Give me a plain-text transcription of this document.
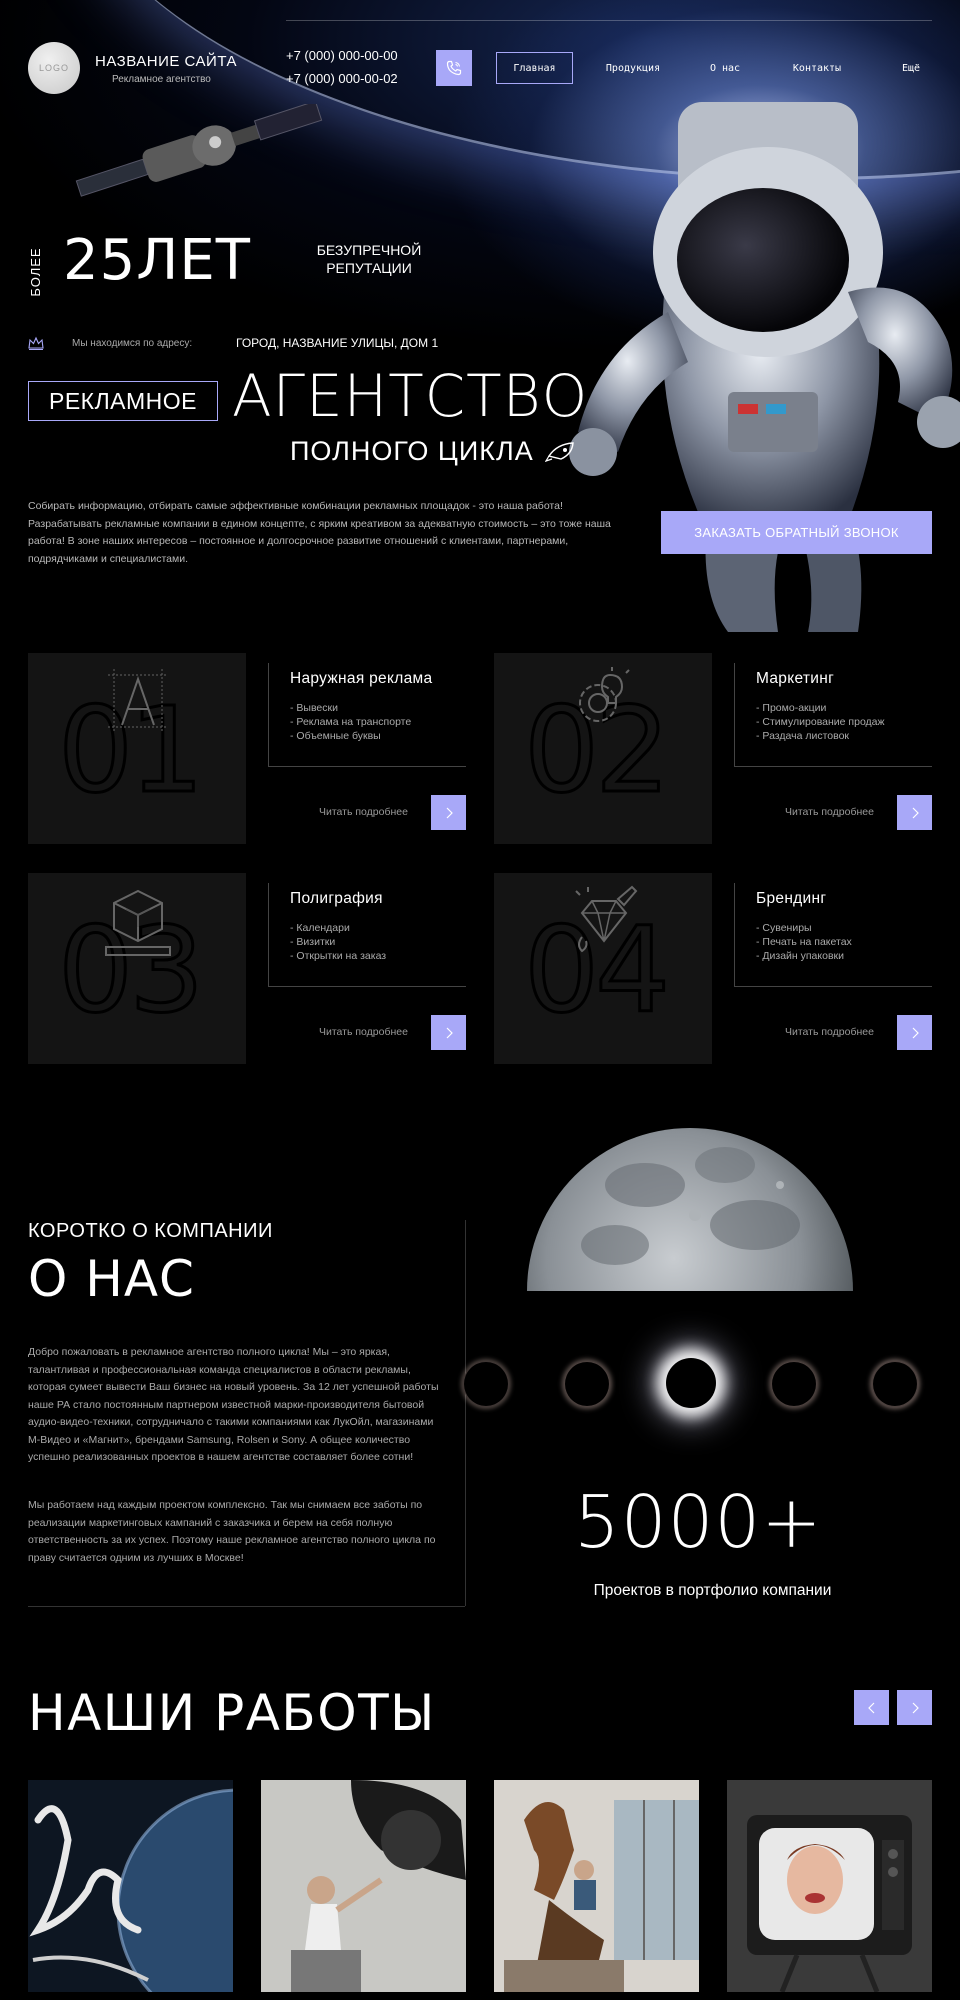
LOGO	НАЗВАНИЕ САЙТА
Рекламное агентство
+7 (000) 000-00-00
+7 (000) 000-00-02
Главная	Продукция	О нас	Контакты	Ещё
БОЛЕЕ 25ЛЕТ	БЕЗУПРЕЧНОЙ
РЕПУТАЦИИ
Мы находимся по адресу:	ГОРОД, НАЗВАНИЕ УЛИЦЫ, ДОМ 1
РЕКЛАМНОЕ АГЕНТСТВО
ПОЛНОГО ЦИКЛА
Собирать информацию, отбирать самые эффективные комбинации рекламных площадок - это наша работа! Разрабатывать рекламные компании в едином концепте, с ярким креативом за адекватную стоимость – это тоже наша работа! В зоне наших интересов – постоянное и долгосрочное развитие отношений с клиентами, партнерами, подрядчиками и специалистами.
ЗАКАЗАТЬ ОБРАТНЫЙ ЗВОНОК
01
Наружная реклама
- Вывески
- Реклама на транспорте
- Объемные буквы
Читать подробнее 02
Маркетинг
- Промо-акции
- Стимулирование продаж
- Раздача листовок
Читать подробнее
03
Полиграфия
- Календари
- Визитки
- Открытки на заказ
Читать подробнее 04
Брендинг
- Сувениры
- Печать на пакетах
- Дизайн упаковки
Читать подробнее
КОРОТКО О КОМПАНИИ
О НАС
Добро пожаловать в рекламное агентство полного цикла! Мы – это яркая, талантливая и профессиональная команда специалистов в области рекламы, которая сумеет вывести Ваш бизнес на новый уровень. За 12 лет успешной работы наше РА стало постоянным партнером известной марки-производителя бытовой аудио-видео-техники, сотрудничало с такими компаниями как ЛукОйл, магазинами М-Видео и «Магнит», брендами Samsung, Rolsen и Sony. А общее количество успешно реализованных проектов в нашем агентстве составляет более сотни!
Мы работаем над каждым проектом комплексно. Так мы снимаем все заботы по реализации маркетинговых кампаний с заказчика и берем на себя полную ответственность за их успех. Поэтому наше рекламное агентство полного цикла по праву считается одним из лучших в Москве!	5000+
Проектов в портфолио компании
НАШИ РАБОТЫ
